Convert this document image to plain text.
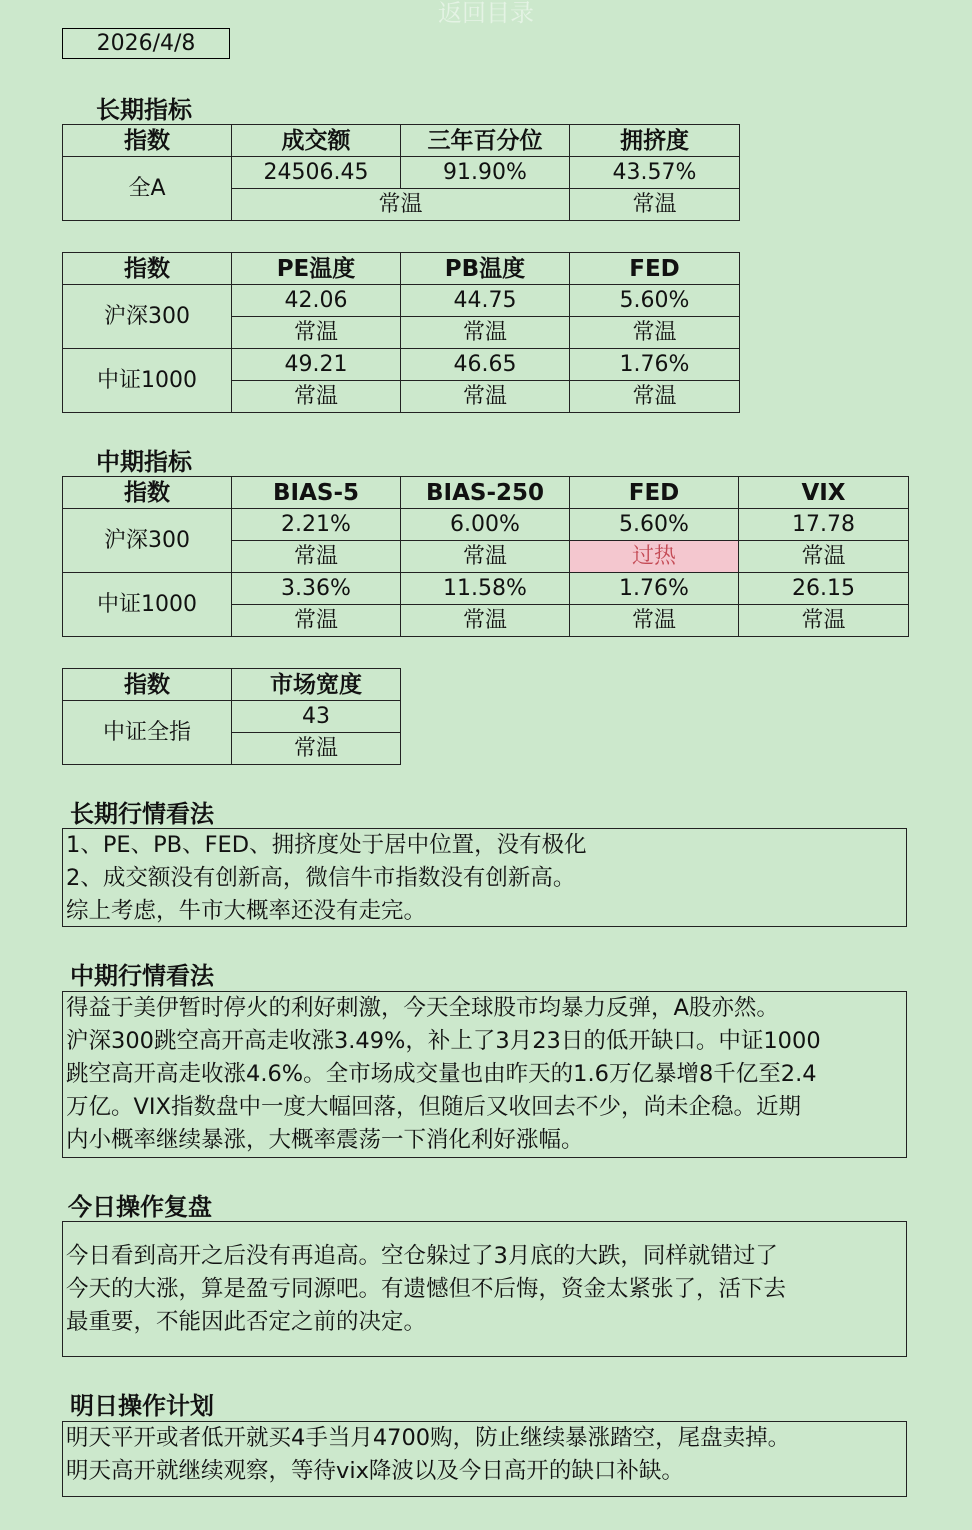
返回目录
2026/4/8
长期指标
指数	成交额	三年百分位	拥挤度
全A	24506.45	91.90%	43.57%
	常温		常温
指数	PE温度	PB温度	FED
沪深300	42.06	44.75	5.60%
	常温	常温	常温
中证1000	49.21	46.65	1.76%
	常温	常温	常温
中期指标
指数	BIAS-5	BIAS-250	FED	VIX
沪深300	2.21%	6.00%	5.60%	17.78
	常温	常温	过热	常温
中证1000	3.36%	11.58%	1.76%	26.15
	常温	常温	常温	常温
指数	市场宽度
中证全指	43
	常温
长期行情看法

1、PE、PB、FED、拥挤度处于居中位置，没有极化

2、成交额没有创新高，微信牛市指数没有创新高。

综上考虑，牛市大概率还没有走完。

中期行情看法

得益于美伊暂时停火的利好刺激，今天全球股市均暴力反弹，A股亦然。

沪深300跳空高开高走收涨3.49%，补上了3月23日的低开缺口。中证1000

跳空高开高走收涨4.6%。全市场成交量也由昨天的1.6万亿暴增8千亿至2.4

万亿。VIX指数盘中一度大幅回落，但随后又收回去不少，尚未企稳。近期

内小概率继续暴涨，大概率震荡一下消化利好涨幅。

今日操作复盘

今日看到高开之后没有再追高。空仓躲过了3月底的大跌，同样就错过了

今天的大涨，算是盈亏同源吧。有遗憾但不后悔，资金太紧张了，活下去

最重要，不能因此否定之前的决定。

明日操作计划

明天平开或者低开就买4手当月4700购，防止继续暴涨踏空，尾盘卖掉。

明天高开就继续观察，等待vix降波以及今日高开的缺口补缺。
